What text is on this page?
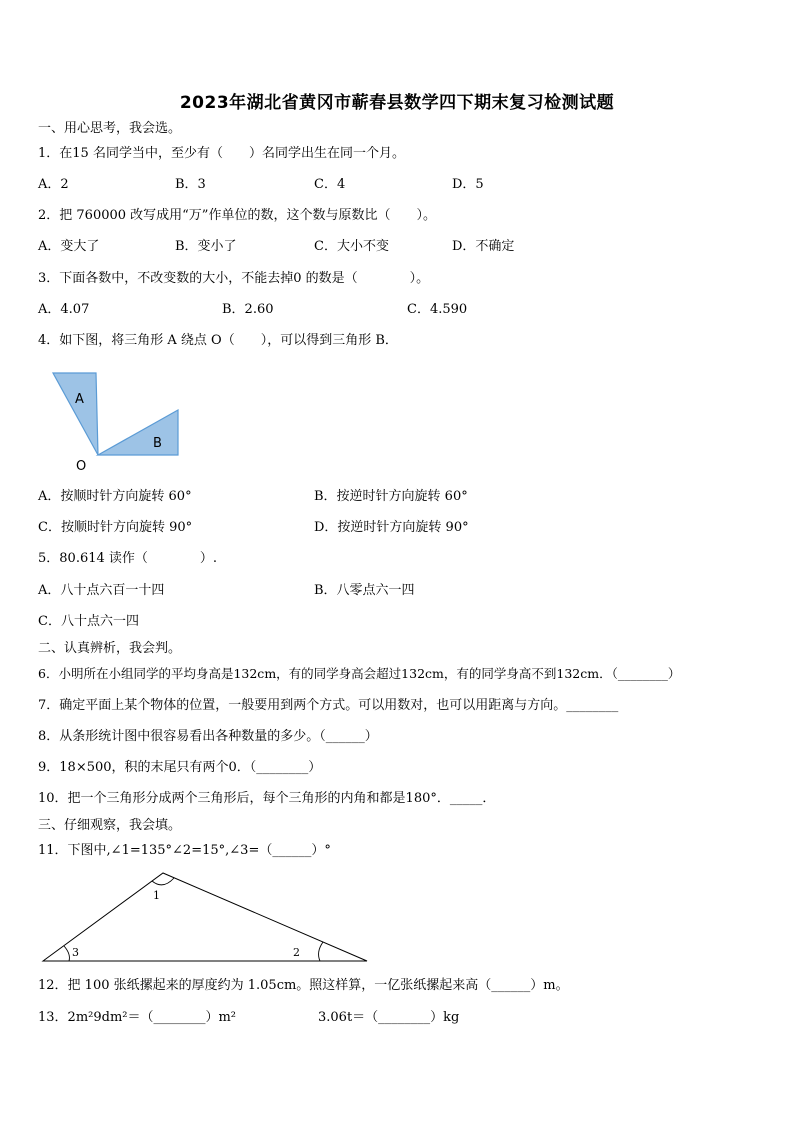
2023年湖北省黄冈市蕲春县数学四下期末复习检测试题
一、用心思考，我会选。
1．在15 名同学当中，至少有（　　）名同学出生在同一个月。
A．2	B．3	C．4	D．5
2．把 760000 改写成用“万”作单位的数，这个数与原数比（　　）。
A．变大了	B．变小了	C．大小不变	D．不确定
3．下面各数中，不改变数的大小，不能去掉0 的数是（　　　　）。
A．4.07	B．2.60	C．4.590
4．如下图，将三角形 A 绕点 O（　　），可以得到三角形 B．
A
B
O
A．按顺时针方向旋转 60°	B．按逆时针方向旋转 60°
C．按顺时针方向旋转 90°	D．按逆时针方向旋转 90°
5．80.614 读作（　　　　）.
A．八十点六百一十四	B．八零点六一四
C．八十点六一四
二、认真辨析，我会判。
6．小明所在小组同学的平均身高是132cm，有的同学身高会超过132cm，有的同学身高不到132cm．（________）
7．确定平面上某个物体的位置，一般要用到两个方式。可以用数对，也可以用距离与方向。________
8．从条形统计图中很容易看出各种数量的多少。（______）
9．18×500，积的末尾只有两个0．（________）
10．把一个三角形分成两个三角形后，每个三角形的内角和都是180°．_____．
三、仔细观察，我会填。
11．下图中,∠1=135°∠2=15°,∠3=（______）°
1
3	2
12．把 100 张纸摞起来的厚度约为 1.05cm。照这样算，一亿张纸摞起来高（______）m。
13．2m²9dm²＝（________）m²	3.06t＝（________）kg
